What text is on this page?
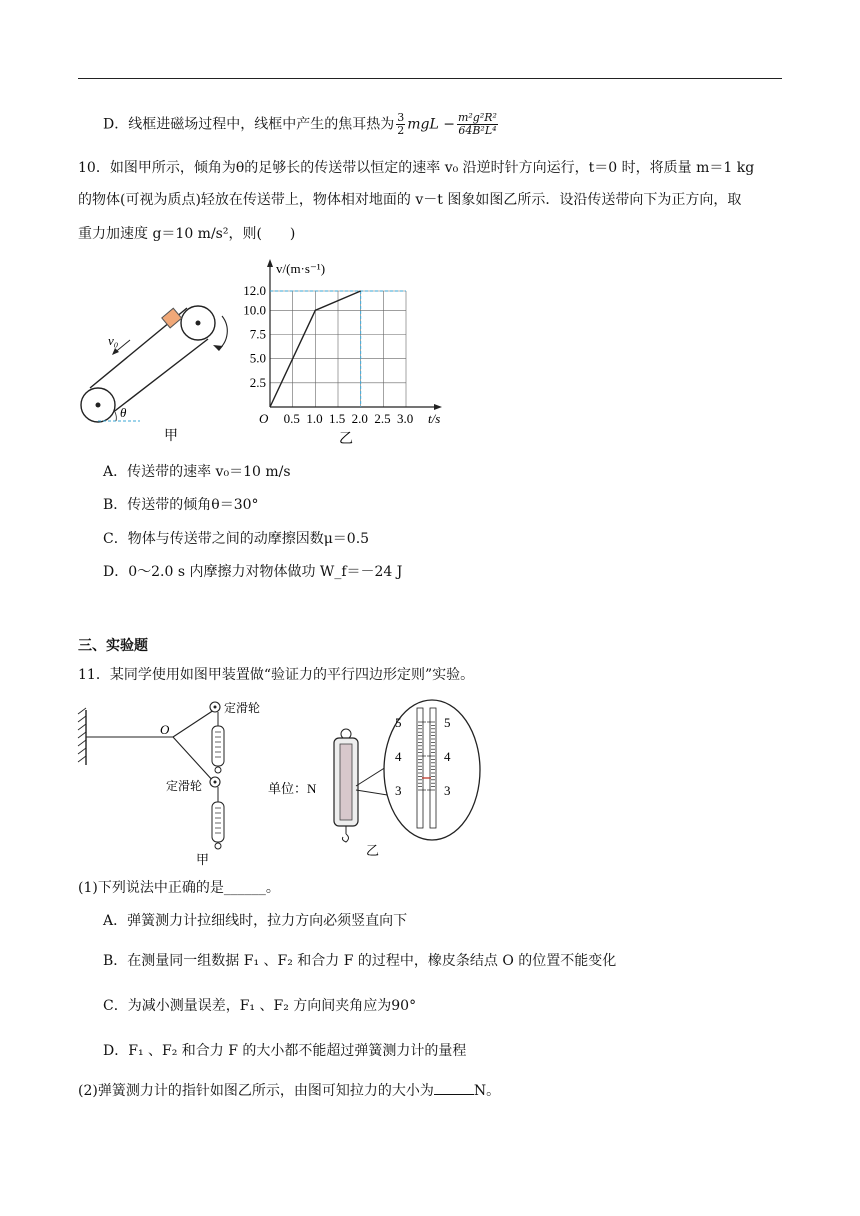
D．线框进磁场过程中，线框中产生的焦耳热为 $\frac{3}{2}$ mgL − $\frac{\text{m²g²R²}}{\text{64B²L⁴}}$
10．如图甲所示，倾角为θ的足够长的传送带以恒定的速率 v₀ 沿逆时针方向运行，t＝0 时，将质量 m＝1 kg
的物体(可视为质点)轻放在传送带上，物体相对地面的 v－t 图象如图乙所示．设沿传送带向下为正方向，取
重力加速度 g＝10 m/s²，则(　　)
v₀
θ
甲
0.5 1.0 1.5 2.0 2.5 3.0
2.5
5.0
7.5
10.0
12.0
v/(m·s⁻¹)
t/s
O
乙
A．传送带的速率 v₀＝10 m/s
B．传送带的倾角θ＝30°
C．物体与传送带之间的动摩擦因数μ＝0.5
D．0～2.0 s 内摩擦力对物体做功 W_f＝－24 J
三、实验题
11．某同学使用如图甲装置做“验证力的平行四边形定则”实验。
O
定滑轮
定滑轮
甲
单位：N
5
4
3
5
4
3
乙
(1)下列说法中正确的是______。
A．弹簧测力计拉细线时，拉力方向必须竖直向下
B．在测量同一组数据 F₁ 、F₂ 和合力 F 的过程中，橡皮条结点 O 的位置不能变化
C．为减小测量误差，F₁ 、F₂ 方向间夹角应为90°
D．F₁ 、F₂ 和合力 F 的大小都不能超过弹簧测力计的量程
(2)弹簧测力计的指针如图乙所示，由图可知拉力的大小为	N。
